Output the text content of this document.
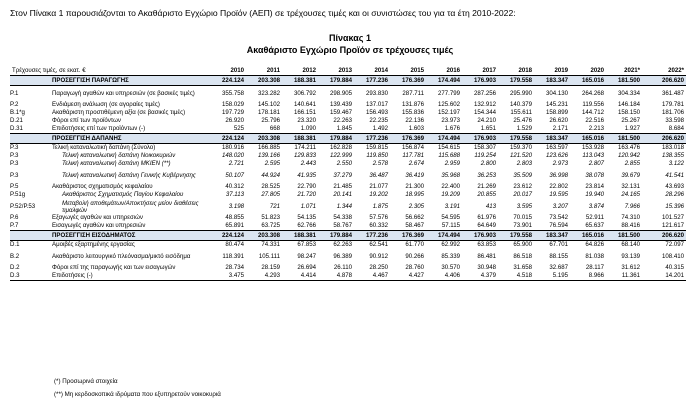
Στον Πίνακα 1 παρουσιάζονται το Ακαθάριστο Εγχώριο Προϊόν (ΑΕΠ) σε τρέχουσες τιμές και οι συνιστώσες του για τα έτη 2010-2022:
Πίνακας 1
Ακαθάριστο Εγχώριο Προϊόν σε τρέχουσες τιμές
Τρέχουσες τιμές, σε εκατ. €		2010	2011	2012	2013	2014	2015	2016	2017	2018	2019	2020	2021*	2022*
	ΠΡΟΣΕΓΓΙΣΗ ΠΑΡΑΓΩΓΗΣ	224.124	203.308	188.381	179.884	177.236	176.369	174.494	176.903	179.558	183.347	165.016	181.500	206.620
P.1	Παραγωγή αγαθών και υπηρεσιών (σε βασικές τιμές)	355.758	323.282	306.792	298.905	293.830	287.711	277.799	287.256	295.990	304.130	264.268	304.334	361.487
P.2	Ενδιάμεση ανάλωση (σε αγοραίες τιμές)	158.029	145.102	140.641	139.439	137.017	131.876	125.602	132.912	140.379	145.231	119.556	146.184	179.781
B.1*g	Ακαθάριστη προστιθέμενη αξία (σε βασικές τιμές)	197.729	178.181	166.151	159.467	156.493	155.836	152.197	154.344	155.611	158.899	144.712	158.150	181.706
D.21	Φόροι επί των προϊόντων	26.920	25.796	23.320	22.263	22.235	22.136	23.973	24.210	25.476	26.620	22.516	25.267	33.598
D.31	Επιδοτήσεις επί των προϊόντων (-)	525	668	1.090	1.845	1.492	1.603	1.676	1.651	1.529	2.171	2.213	1.927	8.684
	ΠΡΟΣΕΓΓΙΣΗ ΔΑΠΑΝΗΣ	224.124	203.308	188.381	179.884	177.236	176.369	174.494	176.903	179.558	183.347	165.016	181.500	206.620
P.3	Τελική καταναλωτική δαπάνη (Σύνολο)	180.916	166.885	174.211	162.828	159.815	156.874	154.615	158.307	159.370	163.597	153.928	163.476	183.018
P.3	Τελική καταναλωτική δαπάνη Νοικοκυριών	148.020	139.166	129.833	122.999	119.850	117.781	115.688	119.254	121.520	123.626	113.043	120.942	138.355
P.3	Τελική καταναλωτική δαπάνη ΜΚΙΕΝ (**)	2.721	2.595	2.443	2.550	2.578	2.674	2.959	2.800	2.803	2.973	2.807	2.855	3.122
P.3	Τελική καταναλωτική δαπάνη Γενικής Κυβέρνησης	50.107	44.924	41.935	37.279	36.487	36.419	35.968	36.253	35.509	36.998	38.078	39.679	41.541
P.5	Ακαθάριστος σχηματισμός κεφαλαίου	40.312	28.525	22.790	21.485	21.077	21.300	22.400	21.269	23.612	22.802	23.814	32.131	43.693
P.51g	Ακαθάριστος Σχηματισμός Παγίου Κεφαλαίου	37.113	27.805	21.720	20.141	19.202	18.995	19.209	20.855	20.017	19.595	19.940	24.165	28.296
P.52/P.53	Μεταβολή αποθεμάτων/Αποκτήσεις μείον διαθέσεις τιμαλφών	3.198	721	1.071	1.344	1.875	2.305	3.191	413	3.595	3.207	3.874	7.966	15.396
P.6	Εξαγωγές αγαθών και υπηρεσιών	48.855	51.823	54.135	54.338	57.576	56.662	54.595	61.976	70.015	73.542	52.911	74.310	101.527
P.7	Εισαγωγές αγαθών και υπηρεσιών	65.891	63.725	62.766	58.767	60.332	58.467	57.115	64.649	73.901	76.594	65.637	88.416	121.617
	ΠΡΟΣΕΓΓΙΣΗ ΕΙΣΟΔΗΜΑΤΟΣ	224.124	203.308	188.381	179.884	177.236	176.369	174.494	176.903	179.558	183.347	165.016	181.500	206.620
D.1	Αμοιβές εξαρτημένης εργασίας	80.474	74.331	67.853	62.263	62.541	61.770	62.992	63.853	65.900	67.701	64.826	68.140	72.097
B.2	Ακαθάριστο λειτουργικό πλεόνασμα/μικτό εισόδημα	118.391	105.111	98.247	96.389	90.912	90.266	85.339	86.481	86.518	88.155	81.038	93.139	108.410
D.2	Φόροι επί της παραγωγής και των εισαγωγών	28.734	28.159	26.694	26.110	28.250	28.760	30.570	30.948	31.658	32.687	28.117	31.612	40.315
D.3	Επιδοτήσεις (-)	3.475	4.293	4.414	4.878	4.467	4.427	4.406	4.379	4.518	5.195	8.966	11.361	14.201
(*) Προσωρινά στοιχεία
(**) Μη κερδοσκοπικά ιδρύματα που εξυπηρετούν νοικοκυριά
